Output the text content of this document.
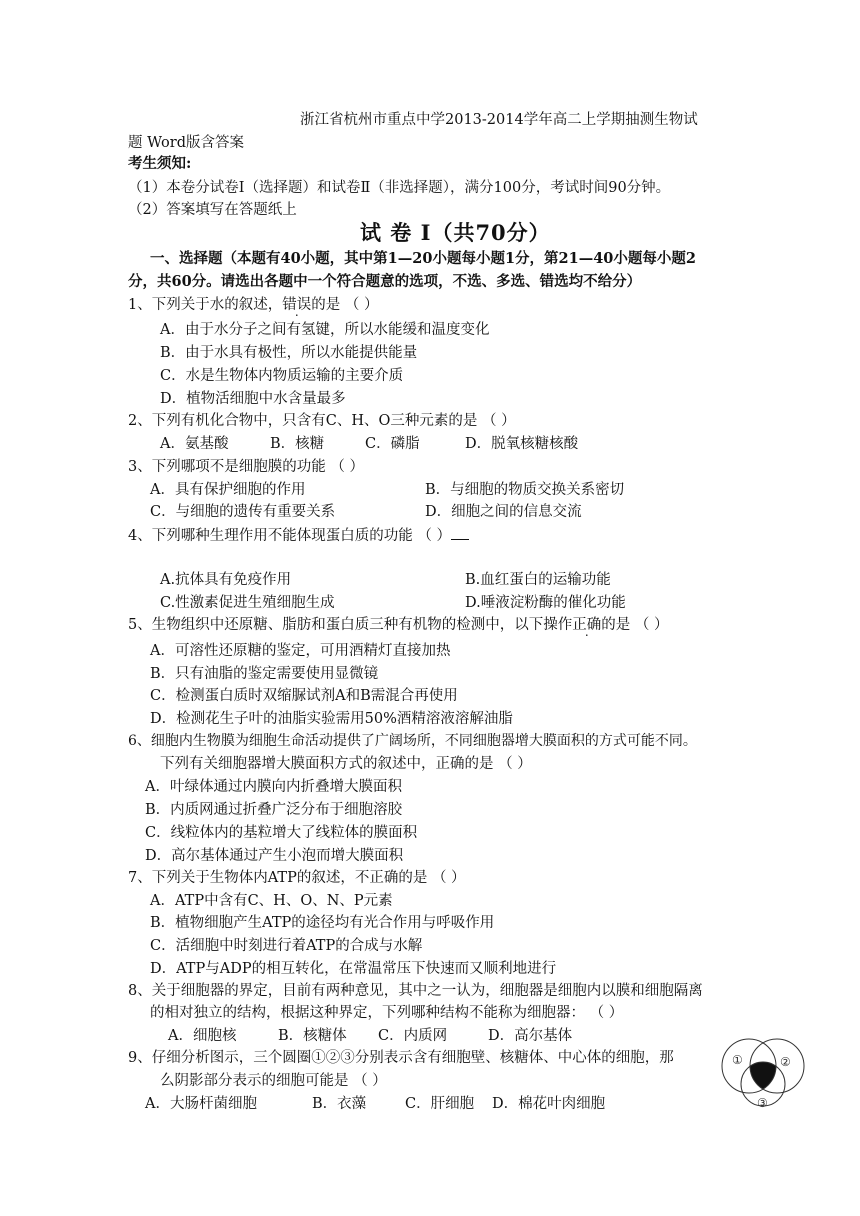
浙江省杭州市重点中学2013-2014学年高二上学期抽测生物试
题 Word版含答案
考生须知:
（1）本卷分试卷Ⅰ（选择题）和试卷Ⅱ（非选择题），满分100分，考试时间90分钟。
（2）答案填写在答题纸上
试 卷 Ⅰ（共70分）
一、选择题（本题有40小题，其中第1—20小题每小题1分，第21—40小题每小题2
分，共60分。请选出各题中一个符合题意的选项，不选、多选、错选均不给分）
1、下列关于水的叙述，错误的是 （ ）
A．由于水分子之间有氢键，所以水能缓和温度变化
B．由于水具有极性，所以水能提供能量
C．水是生物体内物质运输的主要介质
D．植物活细胞中水含量最多
2、下列有机化合物中，只含有C、H、O三种元素的是 （ ）
A．氨基酸	B．核糖	C．磷脂	D．脱氧核糖核酸
3、下列哪项不是细胞膜的功能 （ ）
A．具有保护细胞的作用	B．与细胞的物质交换关系密切
C．与细胞的遗传有重要关系	D．细胞之间的信息交流
4、下列哪种生理作用不能体现蛋白质的功能 （ ）
A.抗体具有免疫作用	B.血红蛋白的运输功能
C.性激素促进生殖细胞生成	D.唾液淀粉酶的催化功能
5、生物组织中还原糖、脂肪和蛋白质三种有机物的检测中，以下操作正确的是 （ ）
A．可溶性还原糖的鉴定，可用酒精灯直接加热
B．只有油脂的鉴定需要使用显微镜
C．检测蛋白质时双缩脲试剂A和B需混合再使用
D．检测花生子叶的油脂实验需用50%酒精溶液溶解油脂
6、细胞内生物膜为细胞生命活动提供了广阔场所，不同细胞器增大膜面积的方式可能不同。
下列有关细胞器增大膜面积方式的叙述中，正确的是 （ ）
A．叶绿体通过内膜向内折叠增大膜面积
B．内质网通过折叠广泛分布于细胞溶胶
C．线粒体内的基粒增大了线粒体的膜面积
D．高尔基体通过产生小泡而增大膜面积
7、下列关于生物体内ATP的叙述，不正确的是 （ ）
A．ATP中含有C、H、O、N、P元素
B．植物细胞产生ATP的途径均有光合作用与呼吸作用
C．活细胞中时刻进行着ATP的合成与水解
D．ATP与ADP的相互转化，在常温常压下快速而又顺利地进行
8、关于细胞器的界定，目前有两种意见，其中之一认为，细胞器是细胞内以膜和细胞隔离
的相对独立的结构，根据这种界定，下列哪种结构不能称为细胞器： （ ）
A．细胞核	B．核糖体 C．内质网	D．高尔基体
9、仔细分析图示，三个圆圈①②③分别表示含有细胞壁、核糖体、中心体的细胞，那
么阴影部分表示的细胞可能是 （ ）
A．大肠杆菌细胞	B．衣藻	C．肝细胞 D．棉花叶肉细胞
①	②
③
